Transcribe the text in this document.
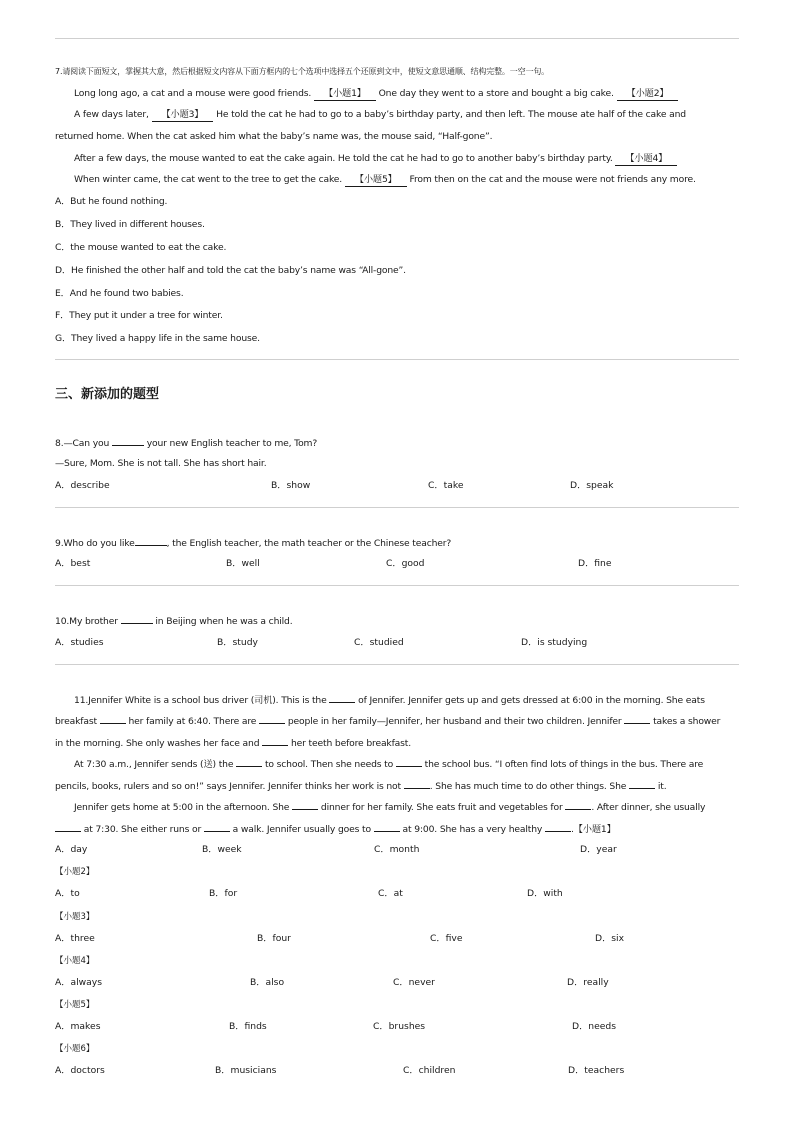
7.请阅读下面短文，掌握其大意，然后根据短文内容从下面方框内的七个选项中选择五个还原到文中，使短文意思通顺、结构完整。一空一句。
Long long ago, a cat and a mouse were good friends. 【小题1】 One day they went to a store and bought a big cake. 【小题2】
A few days later, 【小题3】 He told the cat he had to go to a baby’s birthday party, and then left. The mouse ate half of the cake and
returned home. When the cat asked him what the baby’s name was, the mouse said, “Half-gone”.
After a few days, the mouse wanted to eat the cake again. He told the cat he had to go to another baby’s birthday party. 【小题4】
When winter came, the cat went to the tree to get the cake. 【小题5】 From then on the cat and the mouse were not friends any more.
A．But he found nothing.
B．They lived in different houses.
C．the mouse wanted to eat the cake.
D．He finished the other half and told the cat the baby’s name was “All-gone”.
E．And he found two babies.
F．They put it under a tree for winter.
G．They lived a happy life in the same house.
三、新添加的题型
8.—Can you	your new English teacher to me, Tom?
—Sure, Mom. She is not tall. She has short hair.
A．describe	B．show	C．take	D．speak
9.Who do you like	, the English teacher, the math teacher or the Chinese teacher?
A．best	B．well	C．good	D．fine
10.My brother	in Beijing when he was a child.
A．studies	B．study	C．studied	D．is studying
11.Jennifer White is a school bus driver (司机). This is the	of Jennifer. Jennifer gets up and gets dressed at 6:00 in the morning. She eats
breakfast	her family at 6:40. There are	people in her family—Jennifer, her husband and their two children. Jennifer	takes a shower
in the morning. She only washes her face and	her teeth before breakfast.
At 7:30 a.m., Jennifer sends (送) the	to school. Then she needs to	the school bus. “I often find lots of things in the bus. There are
pencils, books, rulers and so on!” says Jennifer. Jennifer thinks her work is not	. She has much time to do other things. She	it.
Jennifer gets home at 5:00 in the afternoon. She	dinner for her family. She eats fruit and vegetables for	. After dinner, she usually
at 7:30. She either runs or	a walk. Jennifer usually goes to	at 9:00. She has a very healthy	.【小题1】
A．day	B．week	C．month	D．year
【小题2】
A．to	B．for	C．at	D．with
【小题3】
A．three	B．four	C．five	D．six
【小题4】
A．always	B．also	C．never	D．really
【小题5】
A．makes	B．finds	C．brushes	D．needs
【小题6】
A．doctors	B．musicians	C．children	D．teachers
